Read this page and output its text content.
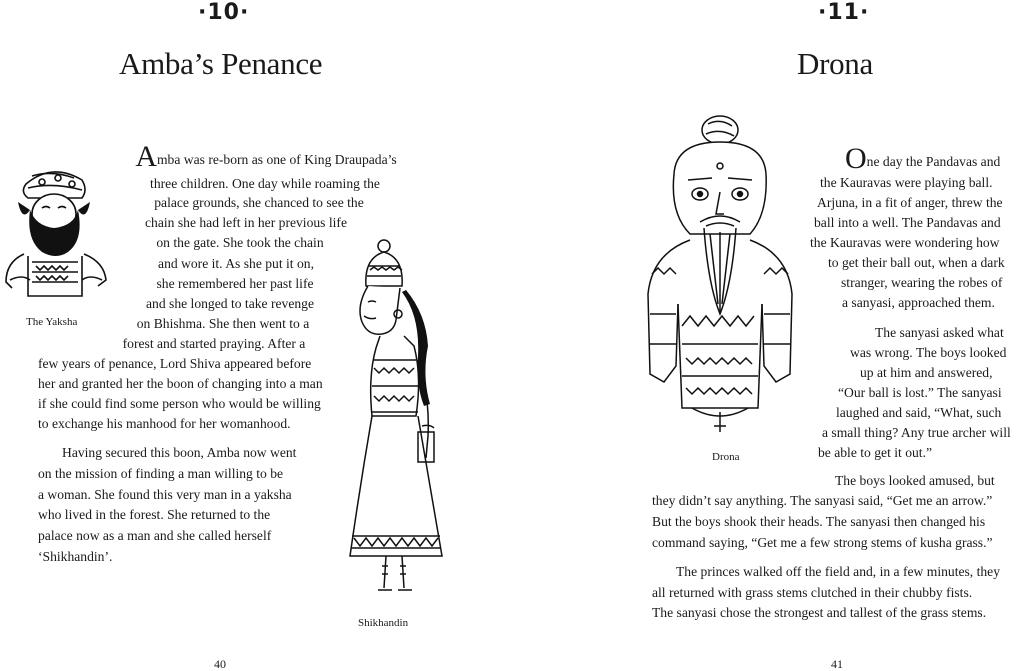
·10·
Amba’s Penance
Amba was re-born as one of King Draupada’s
three children. One day while roaming the
palace grounds, she chanced to see the
chain she had left in her previous life
on the gate. She took the chain
and wore it. As she put it on,
she remembered her past life
and she longed to take revenge
on Bhishma. She then went to a
forest and started praying. After a
few years of penance, Lord Shiva appeared before
her and granted her the boon of changing into a man
if she could find some person who would be willing
to exchange his manhood for her womanhood.
Having secured this boon, Amba now went
on the mission of finding a man willing to be
a woman. She found this very man in a yaksha
who lived in the forest. She returned to the
palace now as a man and she called herself
‘Shikhandin’.
The Yaksha
Shikhandin
40
·11·
Drona
Drona
One day the Pandavas and
the Kauravas were playing ball.
Arjuna, in a fit of anger, threw the
ball into a well. The Pandavas and
the Kauravas were wondering how
to get their ball out, when a dark
stranger, wearing the robes of
a sanyasi, approached them.
The sanyasi asked what
was wrong. The boys looked
up at him and answered,
“Our ball is lost.” The sanyasi
laughed and said, “What, such
a small thing? Any true archer will
be able to get it out.”
The boys looked amused, but
they didn’t say anything. The sanyasi said, “Get me an arrow.”
But the boys shook their heads. The sanyasi then changed his
command saying, “Get me a few strong stems of kusha grass.”
The princes walked off the field and, in a few minutes, they
all returned with grass stems clutched in their chubby fists.
The sanyasi chose the strongest and tallest of the grass stems.
41
